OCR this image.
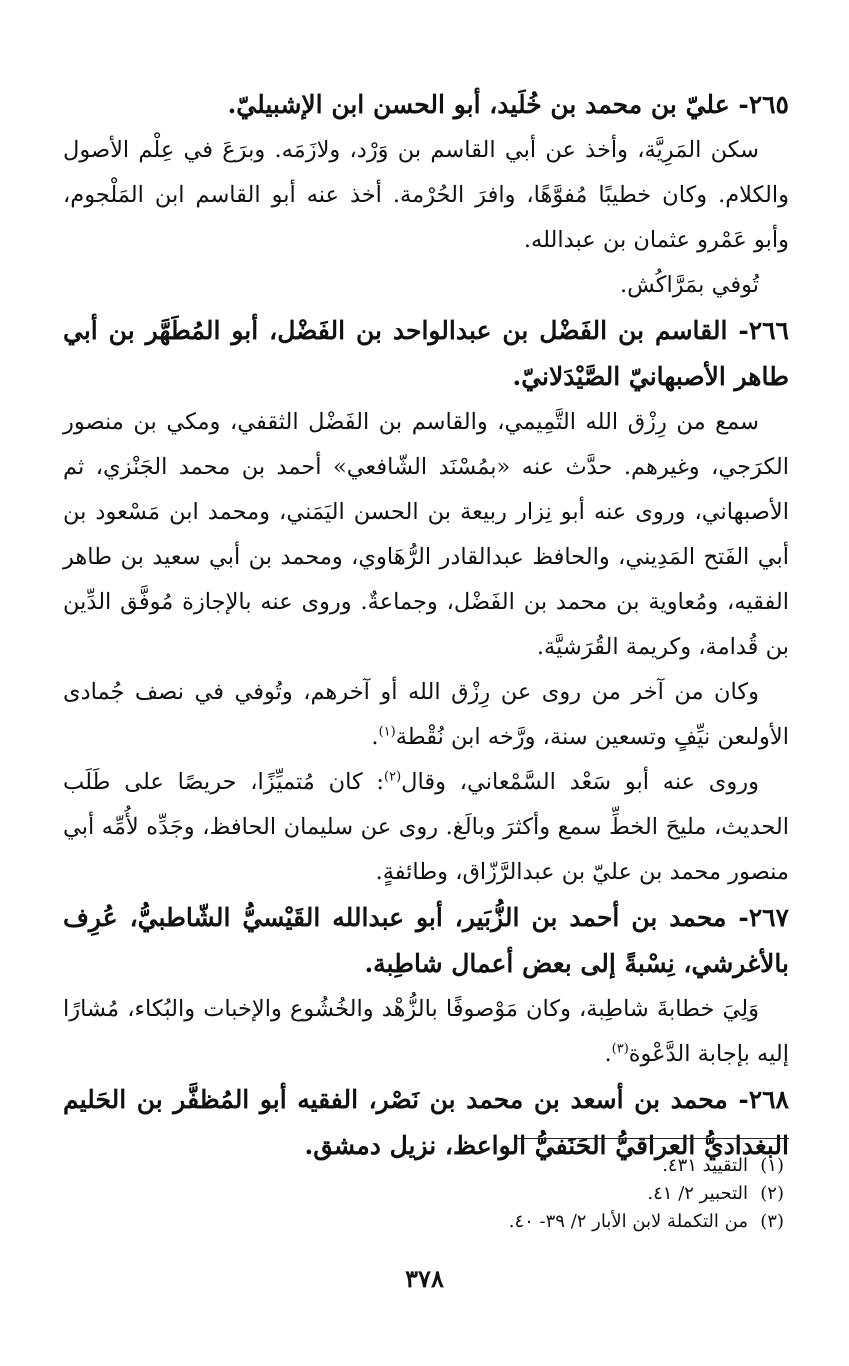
٢٦٥- عليّ بن محمد بن خُلَيد، أبو الحسن ابن الإشبيليّ.

سكن المَرِيَّة، وأخذ عن أبي القاسم بن وَرْد، ولازَمَه. وبرَعَ في عِلْم الأصول والكلام. وكان خطيبًا مُفوَّهًا، وافرَ الحُرْمة. أخذ عنه أبو القاسم ابن المَلْجوم، وأبو عَمْرو عثمان بن عبدالله.

تُوفي بمَرَّاكُش.

٢٦٦- القاسم بن الفَضْل بن عبدالواحد بن الفَضْل، أبو المُطَهَّر بن أبي طاهر الأصبهانيّ الصَّيْدَلانيّ.

سمع من رِزْق الله التَّمِيمي، والقاسم بن الفَضْل الثقفي، ومكي بن منصور الكرَجي، وغيرهم. حدَّث عنه «بمُسْنَد الشّافعي» أحمد بن محمد الجَنْزي، ثم الأصبهاني، وروى عنه أبو نِزار ربيعة بن الحسن اليَمَني، ومحمد ابن مَسْعود بن أبي الفَتح المَدِيني، والحافظ عبدالقادر الرُّهَاوي، ومحمد بن أبي سعيد بن طاهر الفقيه، ومُعاوية بن محمد بن الفَضْل، وجماعةٌ. وروى عنه بالإجازة مُوفَّق الدِّين بن قُدامة، وكريمة القُرَشيَّة.

وكان من آخر من روى عن رِزْق الله أو آخرهم، وتُوفي في نصف جُمادى الأولىعن نيِّفٍ وتسعين سنة، ورَّخه ابن نُقْطة$^{(١)}$.

وروى عنه أبو سَعْد السَّمْعاني، وقال$^{(٢)}$: كان مُتميِّزًا، حريصًا على طَلَب الحديث، مليحَ الخطِّ سمع وأكثرَ وبالَغ. روى عن سليمان الحافظ، وجَدِّه لأُمِّه أبي منصور محمد بن عليّ بن عبدالرَّزّاق، وطائفةٍ.

٢٦٧- محمد بن أحمد بن الزُّبَير، أبو عبدالله القَيْسيُّ الشّاطبيُّ، عُرِف بالأغرشي، نِسْبةً إلى بعض أعمال شاطِبة.

وَلِيَ خطابةَ شاطِبة، وكان مَوْصوفًا بالزُّهْد والخُشُوع والإخبات والبُكاء، مُشارًا إليه بإجابة الدَّعْوة$^{(٣)}$.

٢٦٨- محمد بن أسعد بن محمد بن نَصْر، الفقيه أبو المُظفَّر بن الحَليم البغداديُّ العراقيُّ الحَنَفيُّ الواعظ، نزيل دمشق.

(١)التقييد ٤٣١.

(٢)التحبير ٢/ ٤١.

(٣)من التكملة لابن الأبار ٢/ ٣٩- ٤٠.

٣٧٨
